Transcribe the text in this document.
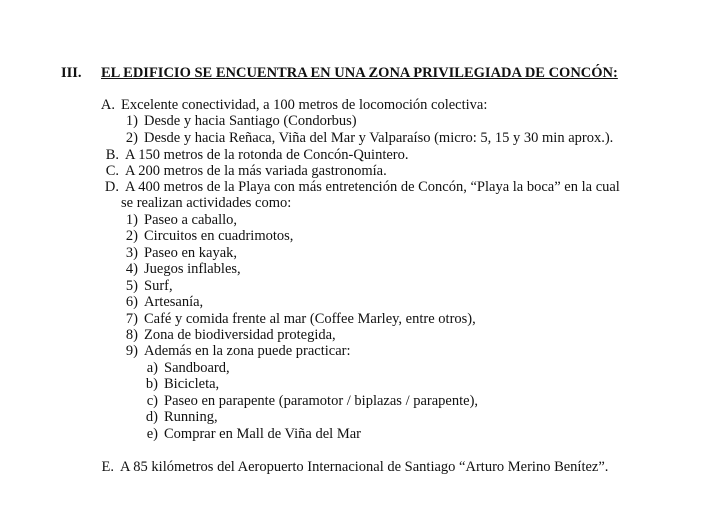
III. EL EDIFICIO SE ENCUENTRA EN UNA ZONA PRIVILEGIADA DE CONCÓN:
A. Excelente conectividad, a 100 metros de locomoción colectiva:
1) Desde y hacia Santiago (Condorbus)
2) Desde y hacia Reñaca, Viña del Mar y Valparaíso (micro: 5, 15 y 30 min aprox.).
B. A 150 metros de la rotonda de Concón-Quintero.
C. A 200 metros de la más variada gastronomía.
D. A 400 metros de la Playa con más entretención de Concón, “Playa la boca” en la cual
se realizan actividades como:
1) Paseo a caballo,
2) Circuitos en cuadrimotos,
3) Paseo en kayak,
4) Juegos inflables,
5) Surf,
6) Artesanía,
7) Café y comida frente al mar (Coffee Marley, entre otros),
8) Zona de biodiversidad protegida,
9) Además en la zona puede practicar:
a) Sandboard,
b) Bicicleta,
c) Paseo en parapente (paramotor / biplazas / parapente),
d) Running,
e) Comprar en Mall de Viña del Mar
E. A 85 kilómetros del Aeropuerto Internacional de Santiago “Arturo Merino Benítez”.
